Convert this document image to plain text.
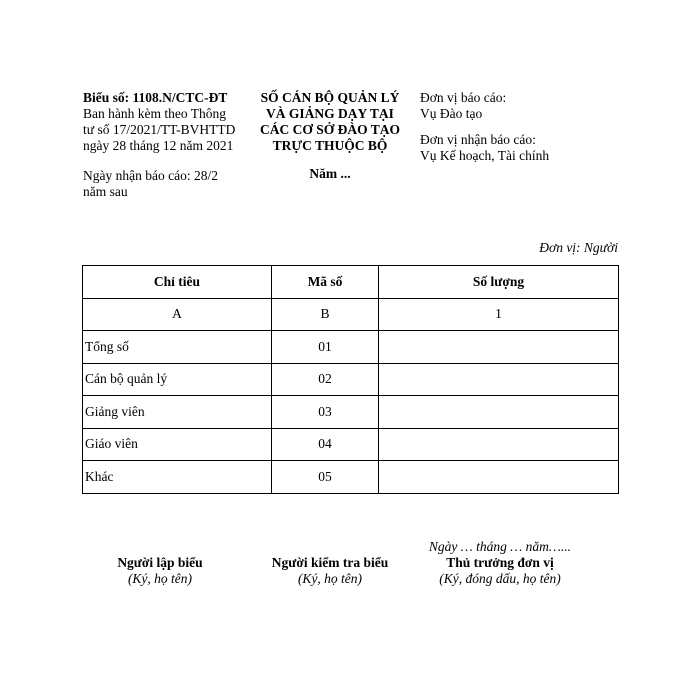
Biểu số: 1108.N/CTC-ĐT
Ban hành kèm theo Thông
tư số 17/2021/TT-BVHTTD
ngày 28 tháng 12 năm 2021
Ngày nhận báo cáo: 28/2
năm sau
SỐ CÁN BỘ QUẢN LÝ
VÀ GIẢNG DẠY TẠI
CÁC CƠ SỞ ĐÀO TẠO
TRỰC THUỘC BỘ
Năm ...
Đơn vị báo cáo:
Vụ Đào tạo
Đơn vị nhận báo cáo:
Vụ Kế hoạch, Tài chính
Đơn vị: Người
Chỉ tiêu	Mã số	Số lượng
A	B	1
Tổng số	01	
Cán bộ quản lý	02	
Giảng viên	03	
Giáo viên	04	
Khác	05	
Ngày … tháng … năm…...
Người lập biểu
(Ký, họ tên)
Người kiểm tra biểu
(Ký, họ tên)
Thủ trưởng đơn vị
(Ký, đóng dấu, họ tên)
